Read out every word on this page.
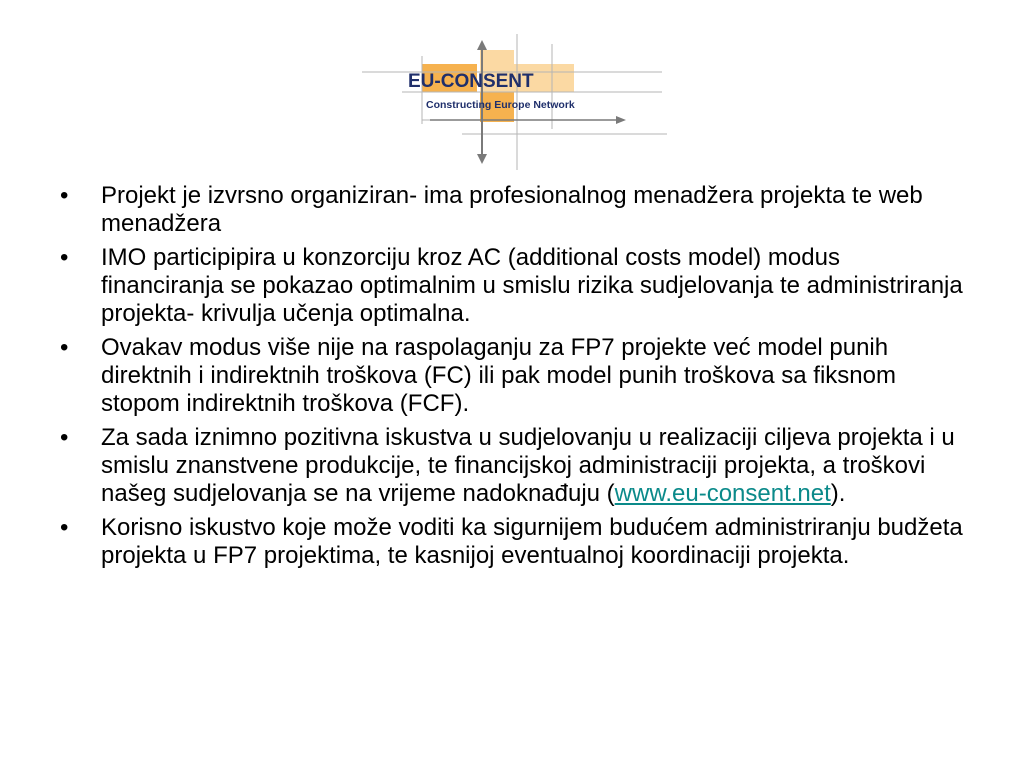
EU-CONSENT
Constructing Europe Network
•	Projekt je izvrsno organiziran- ima profesionalnog menadžera projekta te web menadžera
•	IMO participipira u konzorciju kroz AC (additional costs model) modus financiranja se pokazao optimalnim u smislu rizika sudjelovanja te administriranja projekta- krivulja učenja optimalna.
•	Ovakav modus više nije na raspolaganju za FP7 projekte već model punih direktnih i indirektnih troškova (FC) ili pak model punih troškova sa fiksnom stopom indirektnih troškova (FCF).
•	Za sada iznimno pozitivna iskustva u sudjelovanju u realizaciji ciljeva projekta i u smislu znanstvene produkcije, te financijskoj administraciji projekta, a troškovi našeg sudjelovanja se na vrijeme nadoknađuju (www.eu-consent.net).
•	Korisno iskustvo koje može voditi ka sigurnijem budućem administriranju budžeta projekta u FP7 projektima, te kasnijoj eventualnoj koordinaciji projekta.
